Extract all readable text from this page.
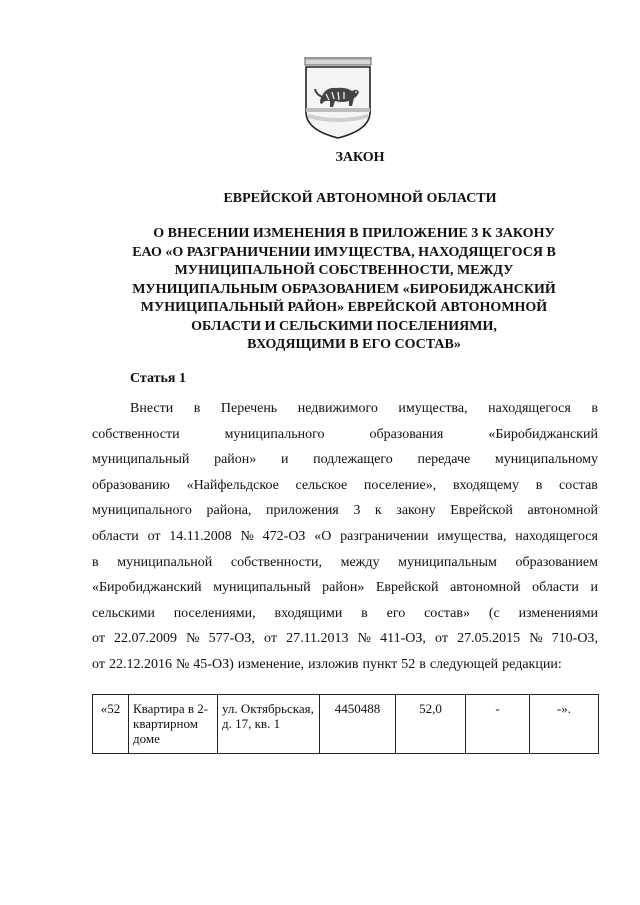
ЗАКОН
ЕВРЕЙСКОЙ АВТОНОМНОЙ ОБЛАСТИ
О ВНЕСЕНИИ ИЗМЕНЕНИЯ В ПРИЛОЖЕНИЕ 3 К ЗАКОНУ
ЕАО «О РАЗГРАНИЧЕНИИ ИМУЩЕСТВА, НАХОДЯЩЕГОСЯ В
МУНИЦИПАЛЬНОЙ СОБСТВЕННОСТИ, МЕЖДУ
МУНИЦИПАЛЬНЫМ ОБРАЗОВАНИЕМ «БИРОБИДЖАНСКИЙ
МУНИЦИПАЛЬНЫЙ РАЙОН» ЕВРЕЙСКОЙ АВТОНОМНОЙ
ОБЛАСТИ И СЕЛЬСКИМИ ПОСЕЛЕНИЯМИ,
ВХОДЯЩИМИ В ЕГО СОСТАВ»
Статья 1
Внести в Перечень недвижимого имущества, находящегося в
собственности	муниципального	образования	«Биробиджанский
муниципальный район» и подлежащего передаче муниципальному
образованию «Найфельдское сельское поселение», входящему в состав
муниципального района, приложения 3 к закону Еврейской автономной
области от 14.11.2008 № 472-ОЗ «О разграничении имущества, находящегося
в муниципальной собственности, между муниципальным образованием
«Биробиджанский муниципальный район» Еврейской автономной области и
сельскими поселениями, входящими в его состав» (с изменениями
от 22.07.2009 № 577-ОЗ, от 27.11.2013 № 411-ОЗ, от 27.05.2015 № 710-ОЗ,
от 22.12.2016 № 45-ОЗ) изменение, изложив пункт 52 в следующей редакции:
«52	Квартира в 2-квартирном доме	ул. Октябрьская, д. 17, кв. 1	4450488	52,0	-	-».
